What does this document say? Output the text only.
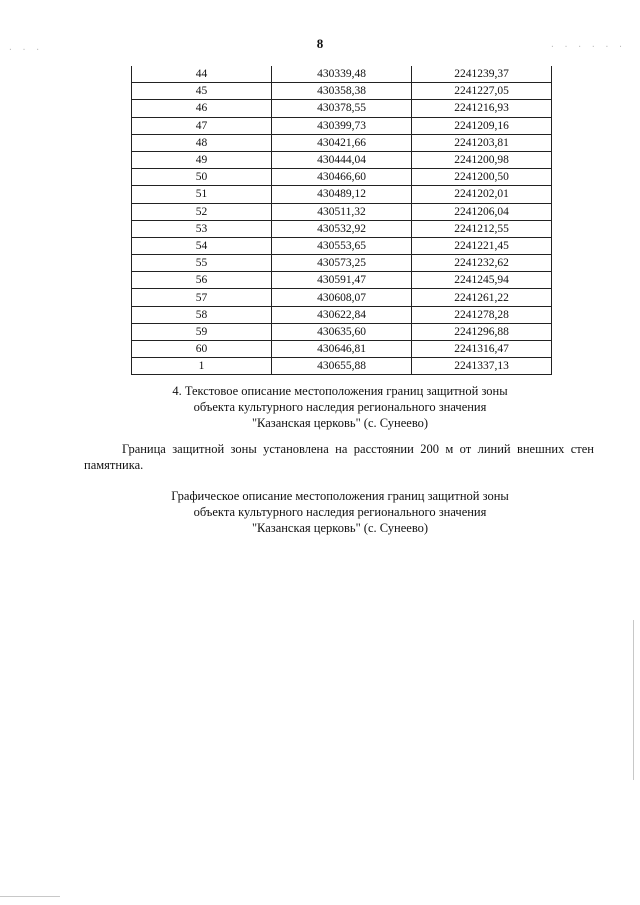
8
44	430339,48	2241239,37
45	430358,38	2241227,05
46	430378,55	2241216,93
47	430399,73	2241209,16
48	430421,66	2241203,81
49	430444,04	2241200,98
50	430466,60	2241200,50
51	430489,12	2241202,01
52	430511,32	2241206,04
53	430532,92	2241212,55
54	430553,65	2241221,45
55	430573,25	2241232,62
56	430591,47	2241245,94
57	430608,07	2241261,22
58	430622,84	2241278,28
59	430635,60	2241296,88
60	430646,81	2241316,47
1	430655,88	2241337,13
4. Текстовое описание местоположения границ защитной зоны
объекта культурного наследия регионального значения
"Казанская церковь" (с. Сунеево)
Граница защитной зоны установлена на расстоянии 200 м от линий внешних стен памятника.
Графическое описание местоположения границ защитной зоны
объекта культурного наследия регионального значения
"Казанская церковь" (с. Сунеево)
· · ·	· · · · · ·
